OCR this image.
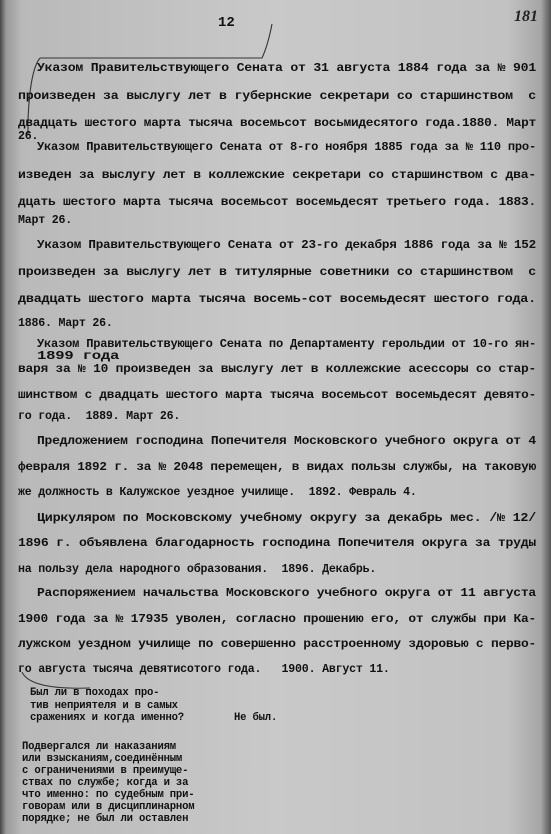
12	181
Указом Правительствующего Сената от 31 августа 1884 года за № 901
произведен за выслугу лет в губернские секретари со старшинством  с
двадцать шестого марта тысяча восемьсот восьмидесятого года.1880. Март
26.
Указом Правительствующего Сената от 8-го ноября 1885 года за № 110 про-
изведен за выслугу лет в коллежские секретари со старшинством с два-
дцать шестого марта тысяча восемьсот восемьдесят третьего года. 1883.
Март 26.
Указом Правительствующего Сената от 23-го декабря 1886 года за № 152
произведен за выслугу лет в титулярные советники со старшинством  с
двадцать шестого марта тысяча восемь-сот восемьдесят шестого года.
1886. Март 26.
Указом Правительствующего Сената по Департаменту герольдии от 10-го ян-
1899 года
варя за № 10 произведен за выслугу лет в коллежские асессоры со стар-
шинством с двадцать шестого марта тысяча восемьсот восемьдесят девято-
го года.  1889. Март 26.
Предложением господина Попечителя Московского учебного округа от 4
февраля 1892 г. за № 2048 перемещен, в видах пользы службы, на таковую
же должность в Калужское уездное училище.  1892. Февраль 4.
Циркуляром по Московскому учебному округу за декабрь мес. /№ 12/
1896 г. объявлена благодарность господина Попечителя округа за труды
на пользу дела народного образования.  1896. Декабрь.
Распоряжением начальства Московского учебного округа от 11 августа
1900 года за № 17935 уволен, согласно прошению его, от службы при Ка-
лужском уездном училище по совершенно расстроенному здоровью с перво-
го августа тысяча девятисотого года.   1900. Август 11.
Был ли в походах про-
тив неприятеля и в самых
сражениях и когда именно?	Не был.
Подвергался ли наказаниям
или взысканиям,соединённым
с ограничениями в преимуще-
ствах по службе; когда и за
что именно: по судебным при-
говорам или в дисциплинарном
порядке; не был ли оставлен
